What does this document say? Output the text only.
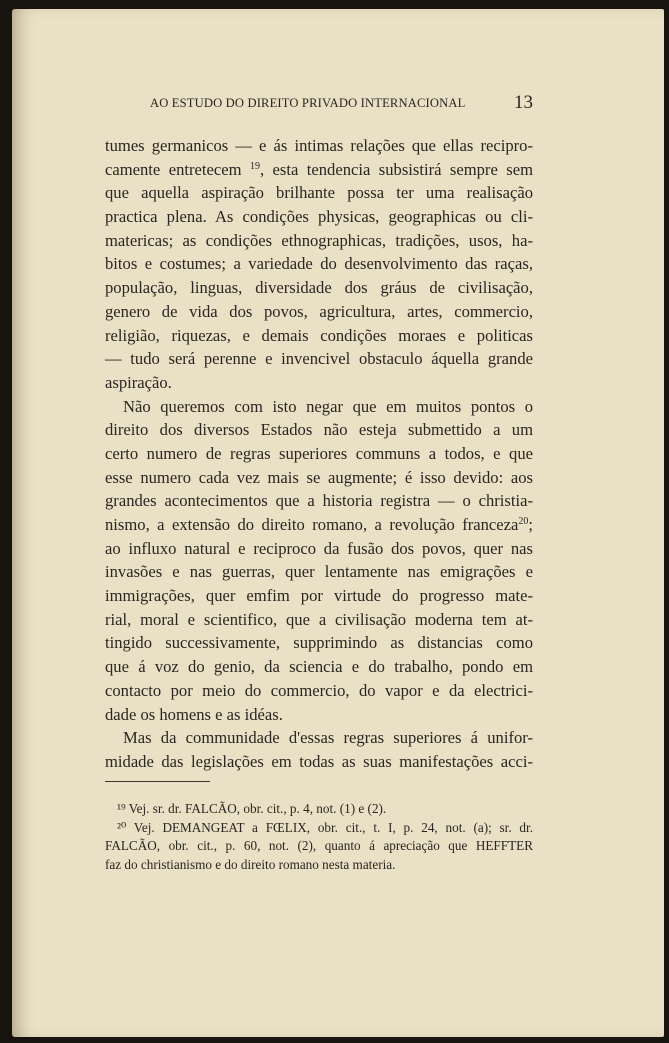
AO ESTUDO DO DIREITO PRIVADO INTERNACIONAL	13
tumes germanicos — e ás intimas relações que ellas recipro-
camente entretecem $^{19}$, esta tendencia subsistirá sempre sem
que aquella aspiração brilhante possa ter uma realisação
practica plena. As condições physicas, geographicas ou cli-
matericas; as condições ethnographicas, tradições, usos, ha-
bitos e costumes; a variedade do desenvolvimento das raças,
população, linguas, diversidade dos gráus de civilisação,
genero de vida dos povos, agricultura, artes, commercio,
religião, riquezas, e demais condições moraes e politicas
— tudo será perenne e invencivel obstaculo áquella grande
aspiração.
Não queremos com isto negar que em muitos pontos o
direito dos diversos Estados não esteja submettido a um
certo numero de regras superiores communs a todos, e que
esse numero cada vez mais se augmente; é isso devido: aos
grandes acontecimentos que a historia registra — o christia-
nismo, a extensão do direito romano, a revolução franceza$^{20}$;
ao influxo natural e reciproco da fusão dos povos, quer nas
invasões e nas guerras, quer lentamente nas emigrações e
immigrações, quer emfim por virtude do progresso mate-
rial, moral e scientifico, que a civilisação moderna tem at-
tingido successivamente, supprimindo as distancias como
que á voz do genio, da sciencia e do trabalho, pondo em
contacto por meio do commercio, do vapor e da electrici-
dade os homens e as idéas.
Mas da communidade d'essas regras superiores á unifor-
midade das legislações em todas as suas manifestações acci-
¹⁹ Vej. sr. dr. FALCÃO, obr. cit., p. 4, not. (1) e (2).
²⁰ Vej. DEMANGEAT a FŒLIX, obr. cit., t. I, p. 24, not. (a); sr. dr.
FALCÃO, obr. cit., p. 60, not. (2), quanto á apreciação que HEFFTER
faz do christianismo e do direito romano nesta materia.
